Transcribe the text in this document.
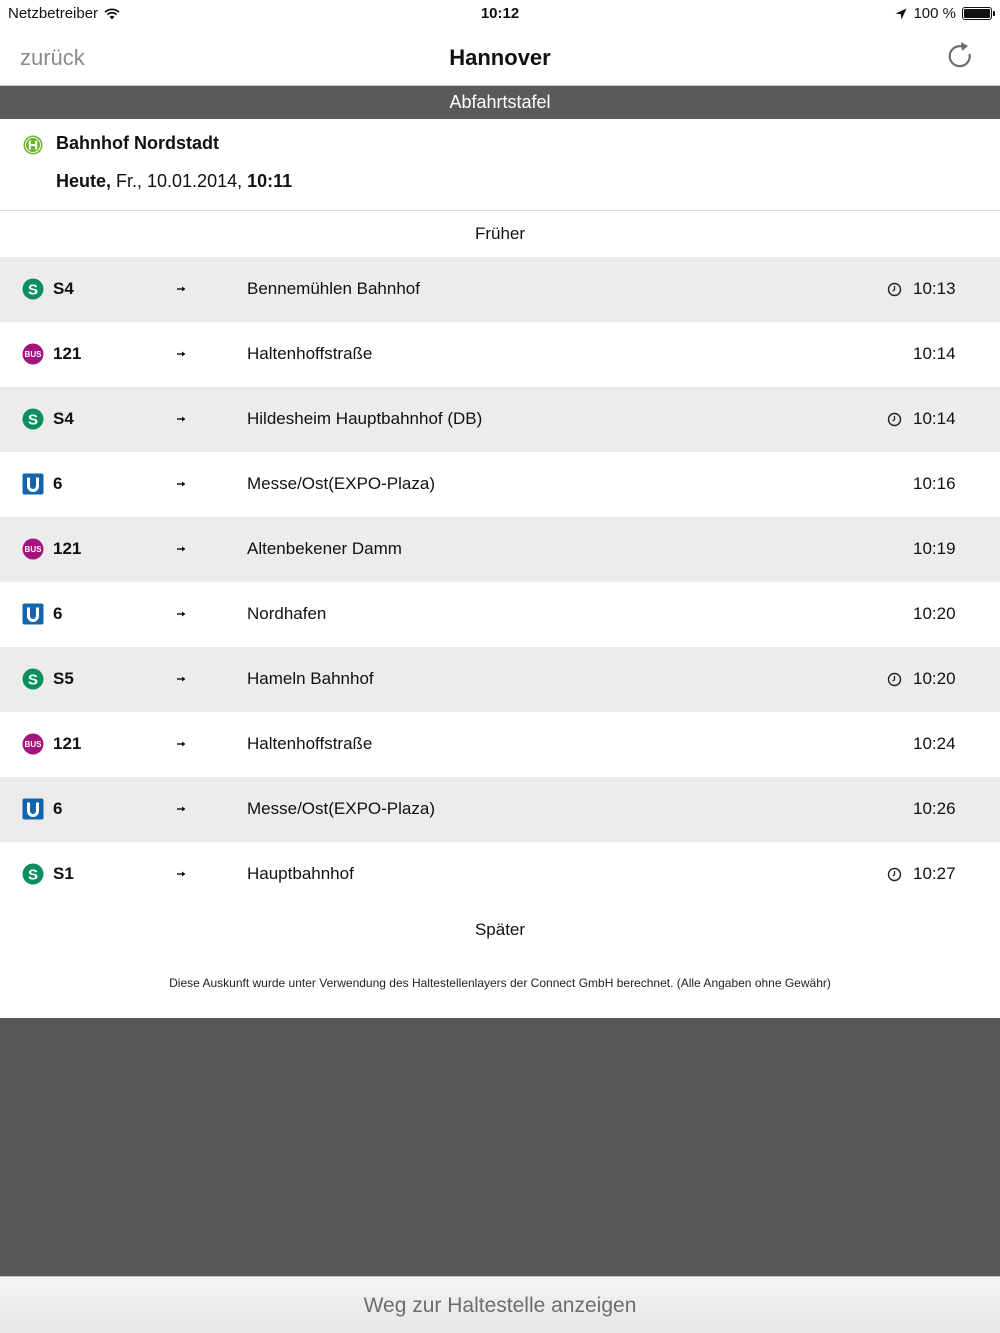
Netzbetreiber	10:12	100 %
zurück	Hannover
Abfahrtstafel
Bahnhof Nordstadt
Heute, Fr., 10.01.2014, 10:11
Früher
S S4	Bennemühlen Bahnhof	10:13
BUS 121	Haltenhoffstraße	10:14
S S4	Hildesheim Hauptbahnhof (DB)	10:14
6	Messe/Ost(EXPO-Plaza)	10:16
BUS 121	Altenbekener Damm	10:19
6	Nordhafen	10:20
S S5	Hameln Bahnhof	10:20
BUS 121	Haltenhoffstraße	10:24
6	Messe/Ost(EXPO-Plaza)	10:26
S S1	Hauptbahnhof	10:27
Später
Diese Auskunft wurde unter Verwendung des Haltestellenlayers der Connect GmbH berechnet. (Alle Angaben ohne Gewähr)
Weg zur Haltestelle anzeigen
